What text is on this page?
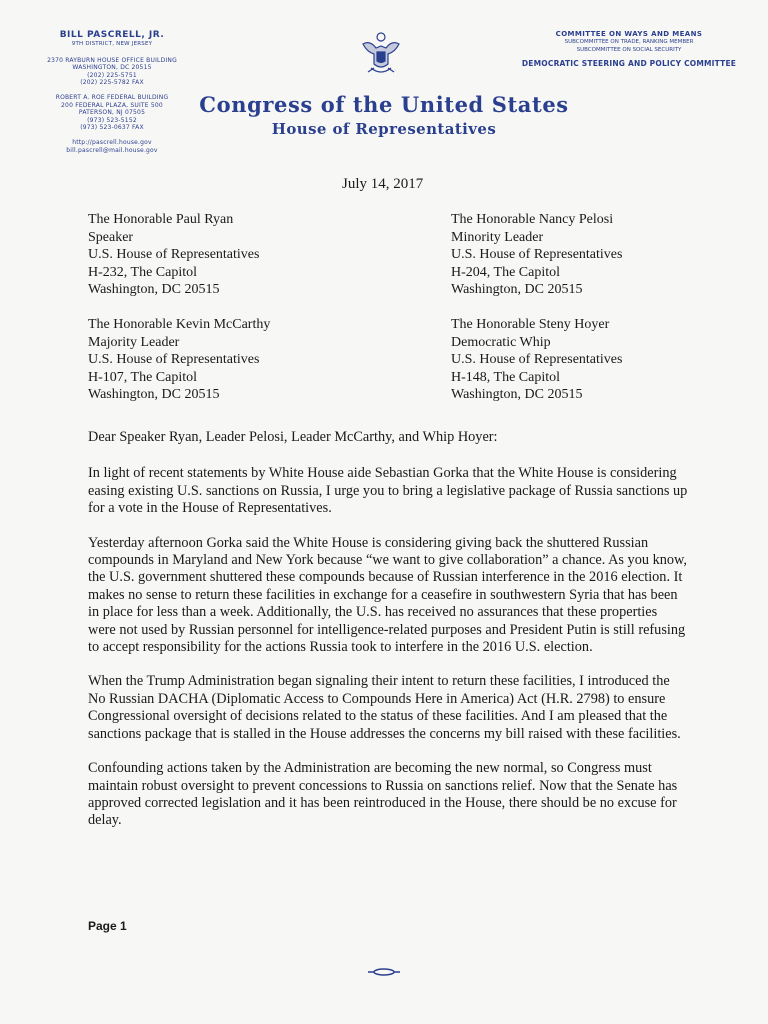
BILL PASCRELL, JR.
9TH DISTRICT, NEW JERSEY
2370 RAYBURN HOUSE OFFICE BUILDING
WASHINGTON, DC 20515
(202) 225-5751
(202) 225-5782 FAX
ROBERT A. ROE FEDERAL BUILDING
200 FEDERAL PLAZA, SUITE 500
PATERSON, NJ 07505
(973) 523-5152
(973) 523-0637 FAX
http://pascrell.house.gov
bill.pascrell@mail.house.gov
COMMITTEE ON WAYS AND MEANS
SUBCOMMITTEE ON TRADE, RANKING MEMBER
SUBCOMMITTEE ON SOCIAL SECURITY
DEMOCRATIC STEERING AND POLICY COMMITTEE
Congress of the United States
House of Representatives
July 14, 2017
The Honorable Paul Ryan
Speaker
U.S. House of Representatives
H-232, The Capitol
Washington, DC 20515
The Honorable Nancy Pelosi
Minority Leader
U.S. House of Representatives
H-204, The Capitol
Washington, DC 20515
The Honorable Kevin McCarthy
Majority Leader
U.S. House of Representatives
H-107, The Capitol
Washington, DC 20515
The Honorable Steny Hoyer
Democratic Whip
U.S. House of Representatives
H-148, The Capitol
Washington, DC 20515

Dear Speaker Ryan, Leader Pelosi, Leader McCarthy, and Whip Hoyer:

In light of recent statements by White House aide Sebastian Gorka that the White House is considering easing existing U.S. sanctions on Russia, I urge you to bring a legislative package of Russia sanctions up for a vote in the House of Representatives.

Yesterday afternoon Gorka said the White House is considering giving back the shuttered Russian compounds in Maryland and New York because “we want to give collaboration” a chance. As you know, the U.S. government shuttered these compounds because of Russian interference in the 2016 election. It makes no sense to return these facilities in exchange for a ceasefire in southwestern Syria that has been in place for less than a week. Additionally, the U.S. has received no assurances that these properties were not used by Russian personnel for intelligence-related purposes and President Putin is still refusing to accept responsibility for the actions Russia took to interfere in the 2016 U.S. election.

When the Trump Administration began signaling their intent to return these facilities, I introduced the No Russian DACHA (Diplomatic Access to Compounds Here in America) Act (H.R. 2798) to ensure Congressional oversight of decisions related to the status of these facilities. And I am pleased that the sanctions package that is stalled in the House addresses the concerns my bill raised with these facilities.

Confounding actions taken by the Administration are becoming the new normal, so Congress must maintain robust oversight to prevent concessions to Russia on sanctions relief. Now that the Senate has approved corrected legislation and it has been reintroduced in the House, there should be no excuse for delay.

Page 1
